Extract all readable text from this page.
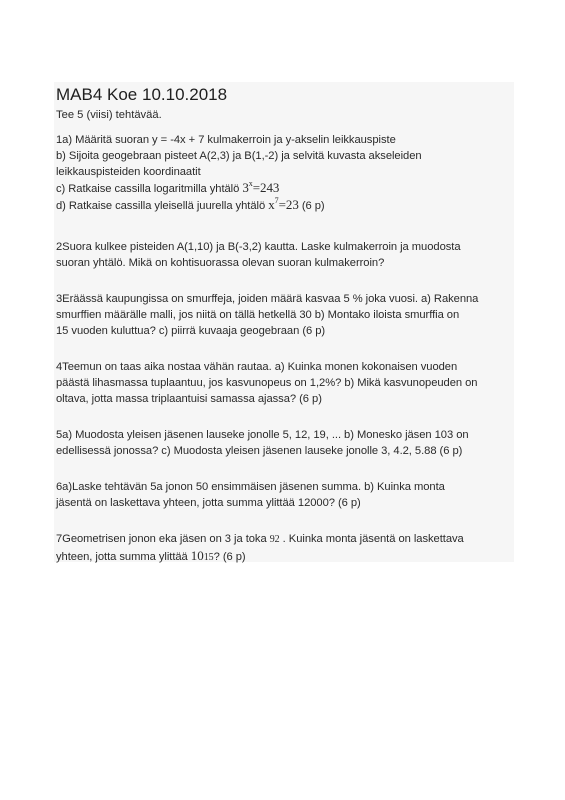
MAB4 Koe 10.10.2018
Tee 5 (viisi) tehtävää.

1a) Määritä suoran y = -4x + 7 kulmakerroin ja y-akselin leikkauspiste

b) Sijoita geogebraan pisteet A(2,3) ja B(1,-2) ja selvitä kuvasta akseleiden

leikkauspisteiden koordinaatit

c) Ratkaise cassilla logaritmilla yhtälö $3^x=243$

d) Ratkaise cassilla yleisellä juurella yhtälö $x^7=23$ (6 p)

2Suora kulkee pisteiden A(1,10) ja B(-3,2) kautta. Laske kulmakerroin ja muodosta

suoran yhtälö. Mikä on kohtisuorassa olevan suoran kulmakerroin?

3Eräässä kaupungissa on smurffeja, joiden määrä kasvaa 5 % joka vuosi. a) Rakenna

smurffien määrälle malli, jos niitä on tällä hetkellä 30 b) Montako iloista smurffia on

15 vuoden kuluttua? c) piirrä kuvaaja geogebraan (6 p)

4Teemun on taas aika nostaa vähän rautaa. a) Kuinka monen kokonaisen vuoden

päästä lihasmassa tuplaantuu, jos kasvunopeus on 1,2%? b) Mikä kasvunopeuden on

oltava, jotta massa triplaantuisi samassa ajassa? (6 p)

5a) Muodosta yleisen jäsenen lauseke jonolle 5, 12, 19, ... b) Monesko jäsen 103 on

edellisessä jonossa? c) Muodosta yleisen jäsenen lauseke jonolle 3, 4.2, 5.88 (6 p)

6a)Laske tehtävän 5a jonon 50 ensimmäisen jäsenen summa. b) Kuinka monta

jäsentä on laskettava yhteen, jotta summa ylittää 12000? (6 p)

7Geometrisen jonon eka jäsen on 3 ja toka 92 . Kuinka monta jäsentä on laskettava

yhteen, jotta summa ylittää 1015? (6 p)
